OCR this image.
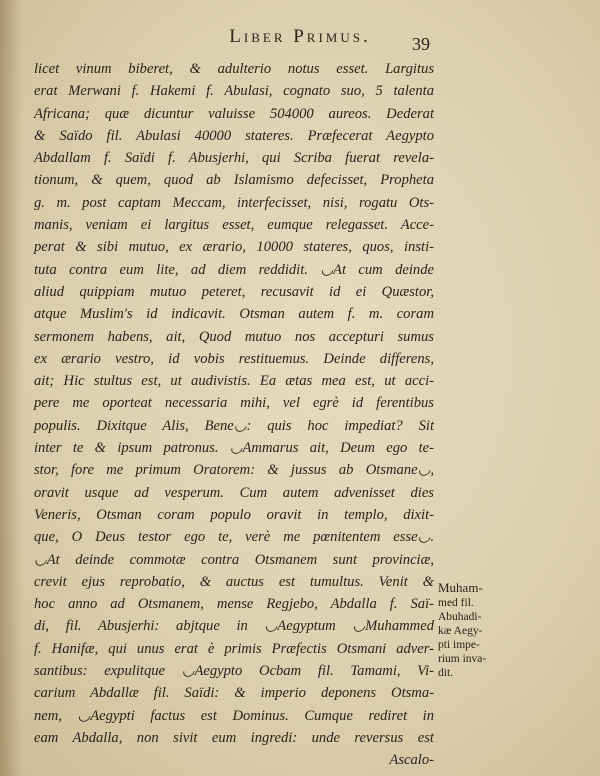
Liber Primus.	39
licet vinum biberet, & adulterio notus esset. Largitus
erat Merwani f. Hakemi f. Abulasi, cognato suo, 5 talenta
Africana; quæ dicuntur valuisse 504000 aureos. Dederat
& Saïdo fil. Abulasi 40000 stateres. Præfecerat Aegypto
Abdallam f. Saïdi f. Abusjerhi, qui Scriba fuerat revela-
tionum, & quem, quod ab Islamismo defecisset, Propheta
g. m. post captam Meccam, interfecisset, nisi, rogatu Ots-
manis, veniam ei largitus esset, eumque relegasset. Acce-
perat & sibi mutuo, ex ærario, 10000 stateres, quos, insti-
tuta contra eum lite, ad diem reddidit. ◡At cum deinde
aliud quippiam mutuo peteret, recusavit id ei Quæstor,
atque Muslim's id indicavit. Otsman autem f. m. coram
sermonem habens, ait, Quod mutuo nos accepturi sumus
ex ærario vestro, id vobis restituemus. Deinde differens,
ait; Hic stultus est, ut audivistis. Ea ætas mea est, ut acci-
pere me oporteat necessaria mihi, vel egrè id ferentibus
populis. Dixitque Alis, Bene◡: quis hoc impediat? Sit
inter te & ipsum patronus. ◡Ammarus ait, Deum ego te-
stor, fore me primum Oratorem: & jussus ab Otsmane◡,
oravit usque ad vesperum. Cum autem advenisset dies
Veneris, Otsman coram populo oravit in templo, dixit-
que, O Deus testor ego te, verè me pœnitentem esse◡.
◡At deinde commotæ contra Otsmanem sunt provinciæ,
crevit ejus reprobatio, & auctus est tumultus. Venit &
hoc anno ad Otsmanem, mense Regjebo, Abdalla f. Saï-
di, fil. Abusjerhi: abjtque in ◡Aegyptum ◡Muhammed
f. Hanifæ, qui unus erat è primis Præfectis Otsmani adver-
santibus: expulitque ◡Aegypto Ocbam fil. Tamami, Vi-
carium Abdallæ fil. Saïdi: & imperio deponens Otsma-
nem, ◡Aegypti factus est Dominus. Cumque rediret in
eam Abdalla, non sivit eum ingredi: unde reversus est
Ascalo-
Muham-
med fil.
Abuhadi-
kæ Aegy-
pti impe-
rium inva-
dit.
